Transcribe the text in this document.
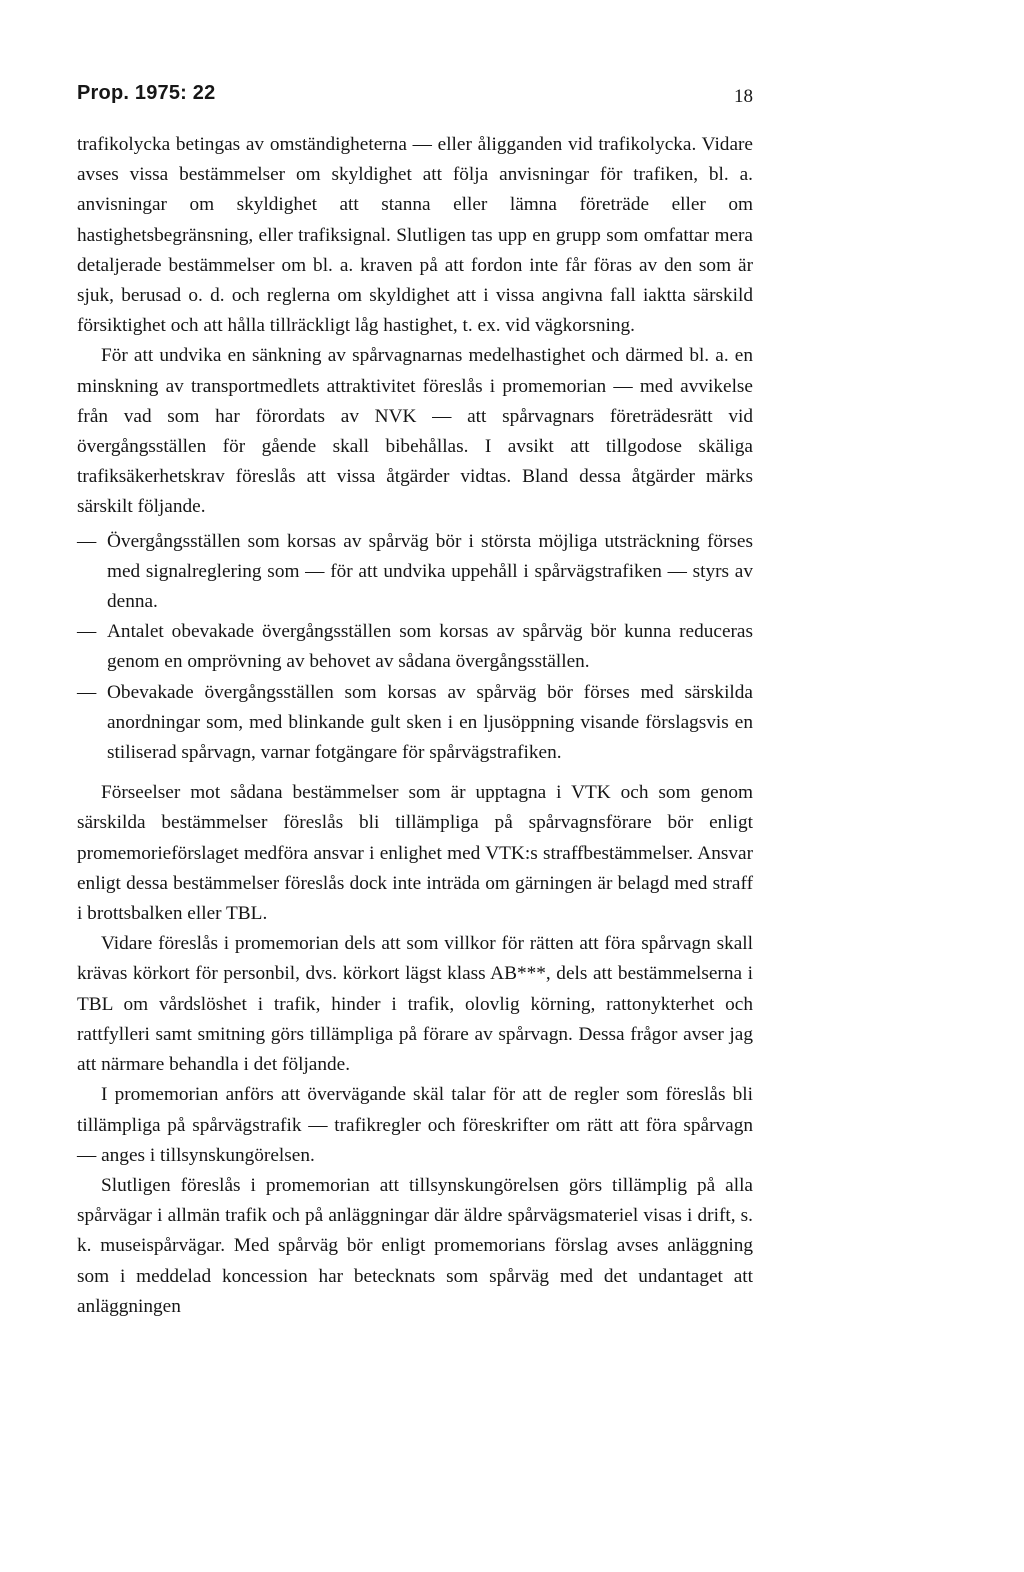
Prop. 1975: 22	18

trafikolycka betingas av omständigheterna — eller åligganden vid trafikolycka. Vidare avses vissa bestämmelser om skyldighet att följa anvisningar för trafiken, bl. a. anvisningar om skyldighet att stanna eller lämna företräde eller om hastighetsbegränsning, eller trafiksignal. Slutligen tas upp en grupp som omfattar mera detaljerade bestämmelser om bl. a. kraven på att fordon inte får föras av den som är sjuk, berusad o. d. och reglerna om skyldighet att i vissa angivna fall iaktta särskild försiktighet och att hålla tillräckligt låg hastighet, t. ex. vid vägkorsning.

För att undvika en sänkning av spårvagnarnas medelhastighet och därmed bl. a. en minskning av transportmedlets attraktivitet föreslås i promemorian — med avvikelse från vad som har förordats av NVK — att spårvagnars företrädesrätt vid övergångsställen för gående skall bibehållas. I avsikt att tillgodose skäliga trafiksäkerhetskrav föreslås att vissa åtgärder vidtas. Bland dessa åtgärder märks särskilt följande.

— Övergångsställen som korsas av spårväg bör i största möjliga utsträckning förses med signalreglering som — för att undvika uppehåll i spårvägstrafiken — styrs av denna.
— Antalet obevakade övergångsställen som korsas av spårväg bör kunna reduceras genom en omprövning av behovet av sådana övergångsställen.
— Obevakade övergångsställen som korsas av spårväg bör förses med särskilda anordningar som, med blinkande gult sken i en ljusöppning visande förslagsvis en stiliserad spårvagn, varnar fotgängare för spårvägstrafiken.

Förseelser mot sådana bestämmelser som är upptagna i VTK och som genom särskilda bestämmelser föreslås bli tillämpliga på spårvagnsförare bör enligt promemorieförslaget medföra ansvar i enlighet med VTK:s straffbestämmelser. Ansvar enligt dessa bestämmelser föreslås dock inte inträda om gärningen är belagd med straff i brottsbalken eller TBL.

Vidare föreslås i promemorian dels att som villkor för rätten att föra spårvagn skall krävas körkort för personbil, dvs. körkort lägst klass AB***, dels att bestämmelserna i TBL om vårdslöshet i trafik, hinder i trafik, olovlig körning, rattonykterhet och rattfylleri samt smitning görs tillämpliga på förare av spårvagn. Dessa frågor avser jag att närmare behandla i det följande.

I promemorian anförs att övervägande skäl talar för att de regler som föreslås bli tillämpliga på spårvägstrafik — trafikregler och föreskrifter om rätt att föra spårvagn — anges i tillsynskungörelsen.

Slutligen föreslås i promemorian att tillsynskungörelsen görs tillämplig på alla spårvägar i allmän trafik och på anläggningar där äldre spårvägsmateriel visas i drift, s. k. museispårvägar. Med spårväg bör enligt promemorians förslag avses anläggning som i meddelad koncession har betecknats som spårväg med det undantaget att anläggningen
